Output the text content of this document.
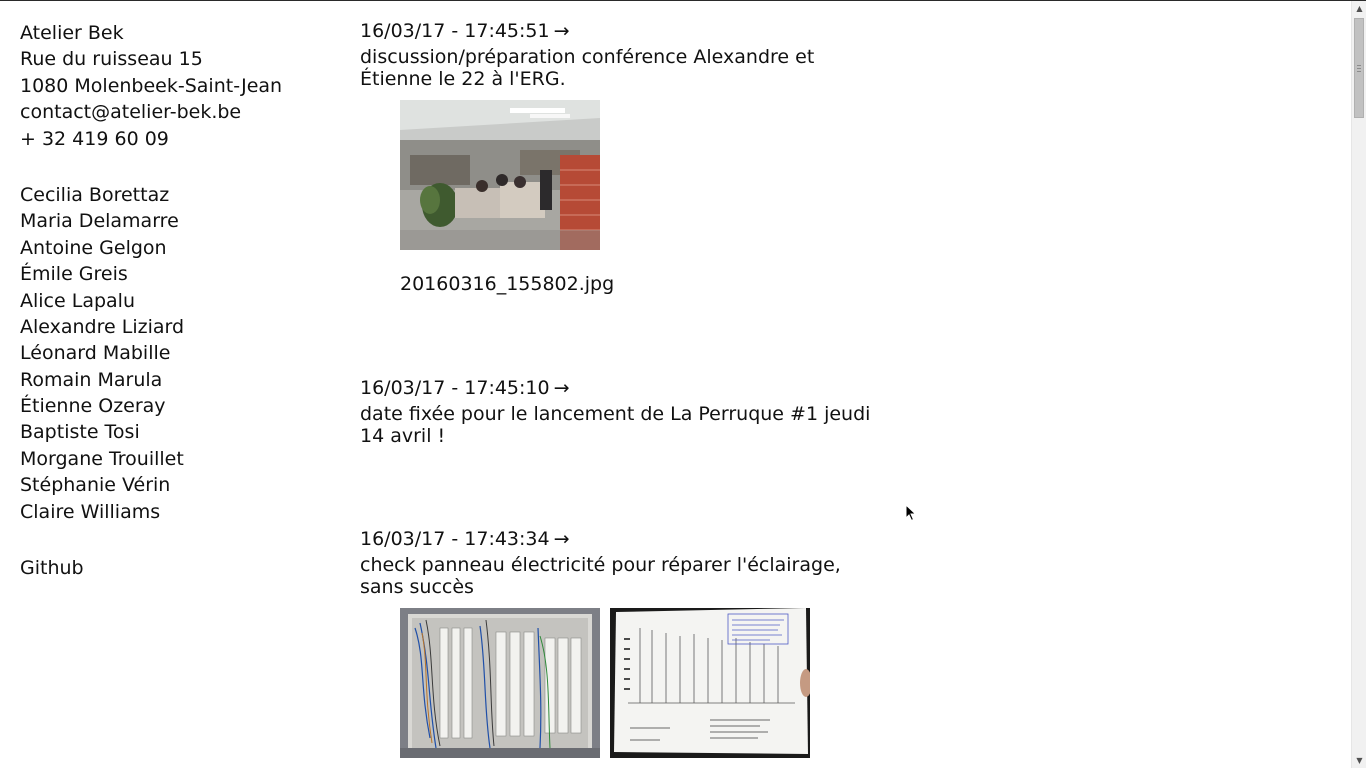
Atelier Bek
Rue du ruisseau 15
1080 Molenbeek-Saint-Jean
contact@atelier-bek.be
+ 32 419 60 09
Cecilia Borettaz
Maria Delamarre
Antoine Gelgon
Émile Greis
Alice Lapalu
Alexandre Liziard
Léonard Mabille
Romain Marula
Étienne Ozeray
Baptiste Tosi
Morgane Trouillet
Stéphanie Vérin
Claire Williams
Github
16/03/17 - 17:45:51 →
discussion/préparation conférence Alexandre et Étienne le 22 à l'ERG.
20160316_155802.jpg
16/03/17 - 17:45:10 →
date fixée pour le lancement de La Perruque #1 jeudi 14 avril !
16/03/17 - 17:43:34 →
check panneau électricité pour réparer l'éclairage, sans succès
▲
▼
